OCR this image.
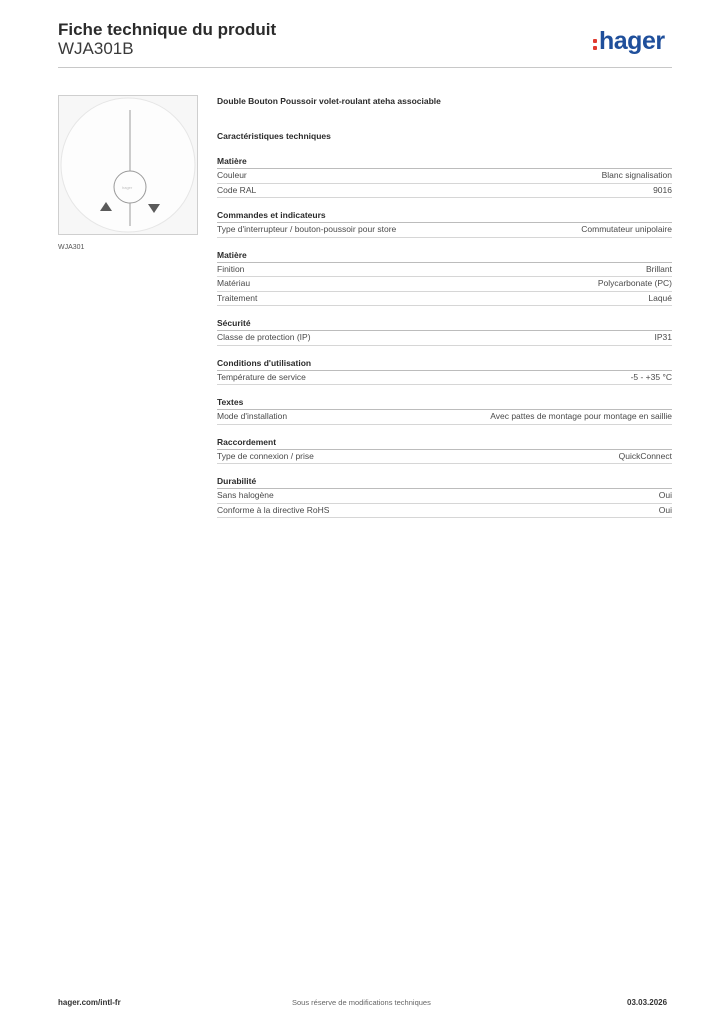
Fiche technique du produit
WJA301B	hager
hager
WJA301
Double Bouton Poussoir volet-roulant ateha associable
Caractéristiques techniques
Matière
Couleur	Blanc signalisation
Code RAL	9016
Commandes et indicateurs
Type d'interrupteur / bouton-poussoir pour store	Commutateur unipolaire
Matière
Finition	Brillant
Matériau	Polycarbonate (PC)
Traitement	Laqué
Sécurité
Classe de protection (IP)	IP31
Conditions d'utilisation
Température de service	-5 - +35 °C
Textes
Mode d'installation	Avec pattes de montage pour montage en saillie
Raccordement
Type de connexion / prise	QuickConnect
Durabilité
Sans halogène	Oui
Conforme à la directive RoHS	Oui
hager.com/intl-fr	Sous réserve de modifications techniques	03.03.2026
